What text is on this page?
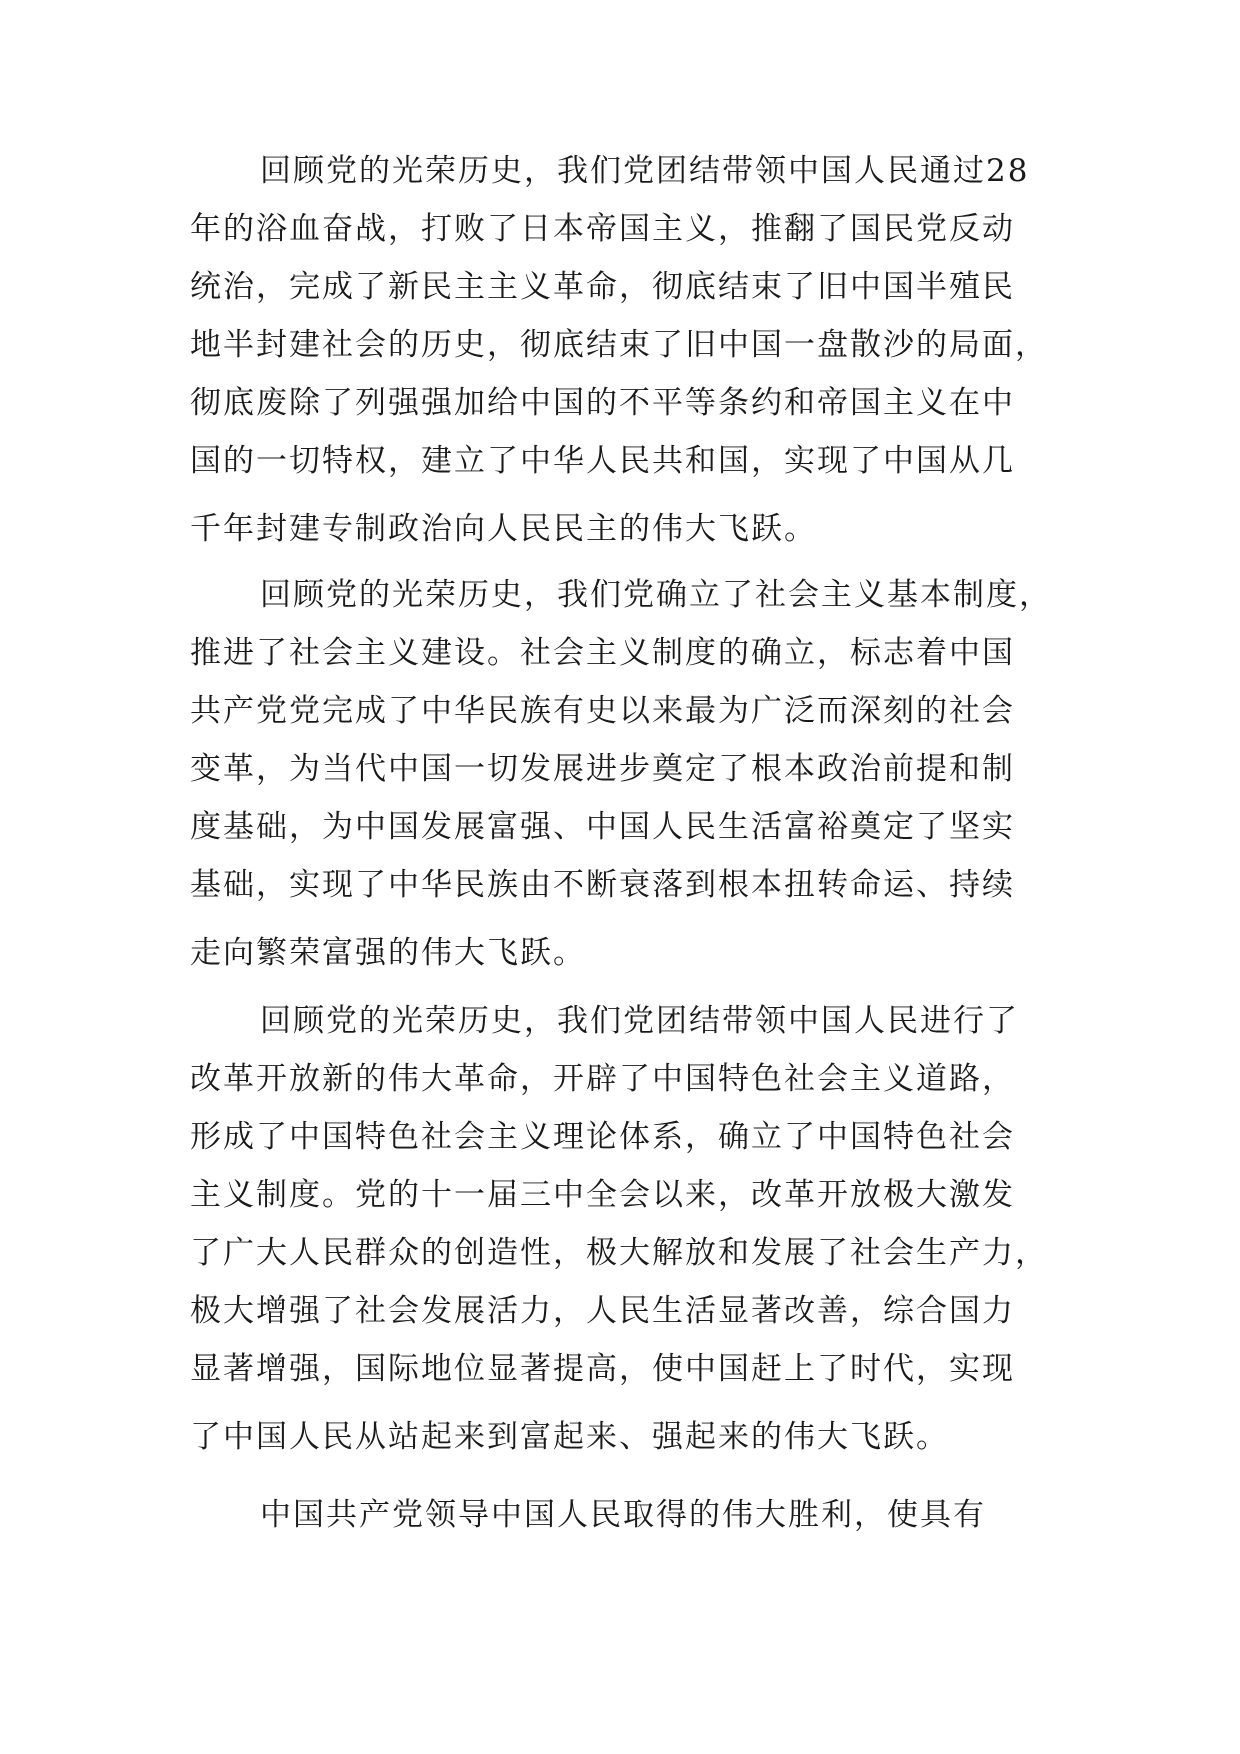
回顾党的光荣历史，我们党团结带领中国人民通过28
年的浴血奋战，打败了日本帝国主义，推翻了国民党反动
统治，完成了新民主主义革命，彻底结束了旧中国半殖民
地半封建社会的历史，彻底结束了旧中国一盘散沙的局面，
彻底废除了列强强加给中国的不平等条约和帝国主义在中
国的一切特权，建立了中华人民共和国，实现了中国从几
千年封建专制政治向人民民主的伟大飞跃。
回顾党的光荣历史，我们党确立了社会主义基本制度，
推进了社会主义建设。社会主义制度的确立，标志着中国
共产党党完成了中华民族有史以来最为广泛而深刻的社会
变革，为当代中国一切发展进步奠定了根本政治前提和制
度基础，为中国发展富强、中国人民生活富裕奠定了坚实
基础，实现了中华民族由不断衰落到根本扭转命运、持续
走向繁荣富强的伟大飞跃。
回顾党的光荣历史，我们党团结带领中国人民进行了
改革开放新的伟大革命，开辟了中国特色社会主义道路，
形成了中国特色社会主义理论体系，确立了中国特色社会
主义制度。党的十一届三中全会以来，改革开放极大激发
了广大人民群众的创造性，极大解放和发展了社会生产力，
极大增强了社会发展活力，人民生活显著改善，综合国力
显著增强，国际地位显著提高，使中国赶上了时代，实现
了中国人民从站起来到富起来、强起来的伟大飞跃。
中国共产党领导中国人民取得的伟大胜利，使具有
